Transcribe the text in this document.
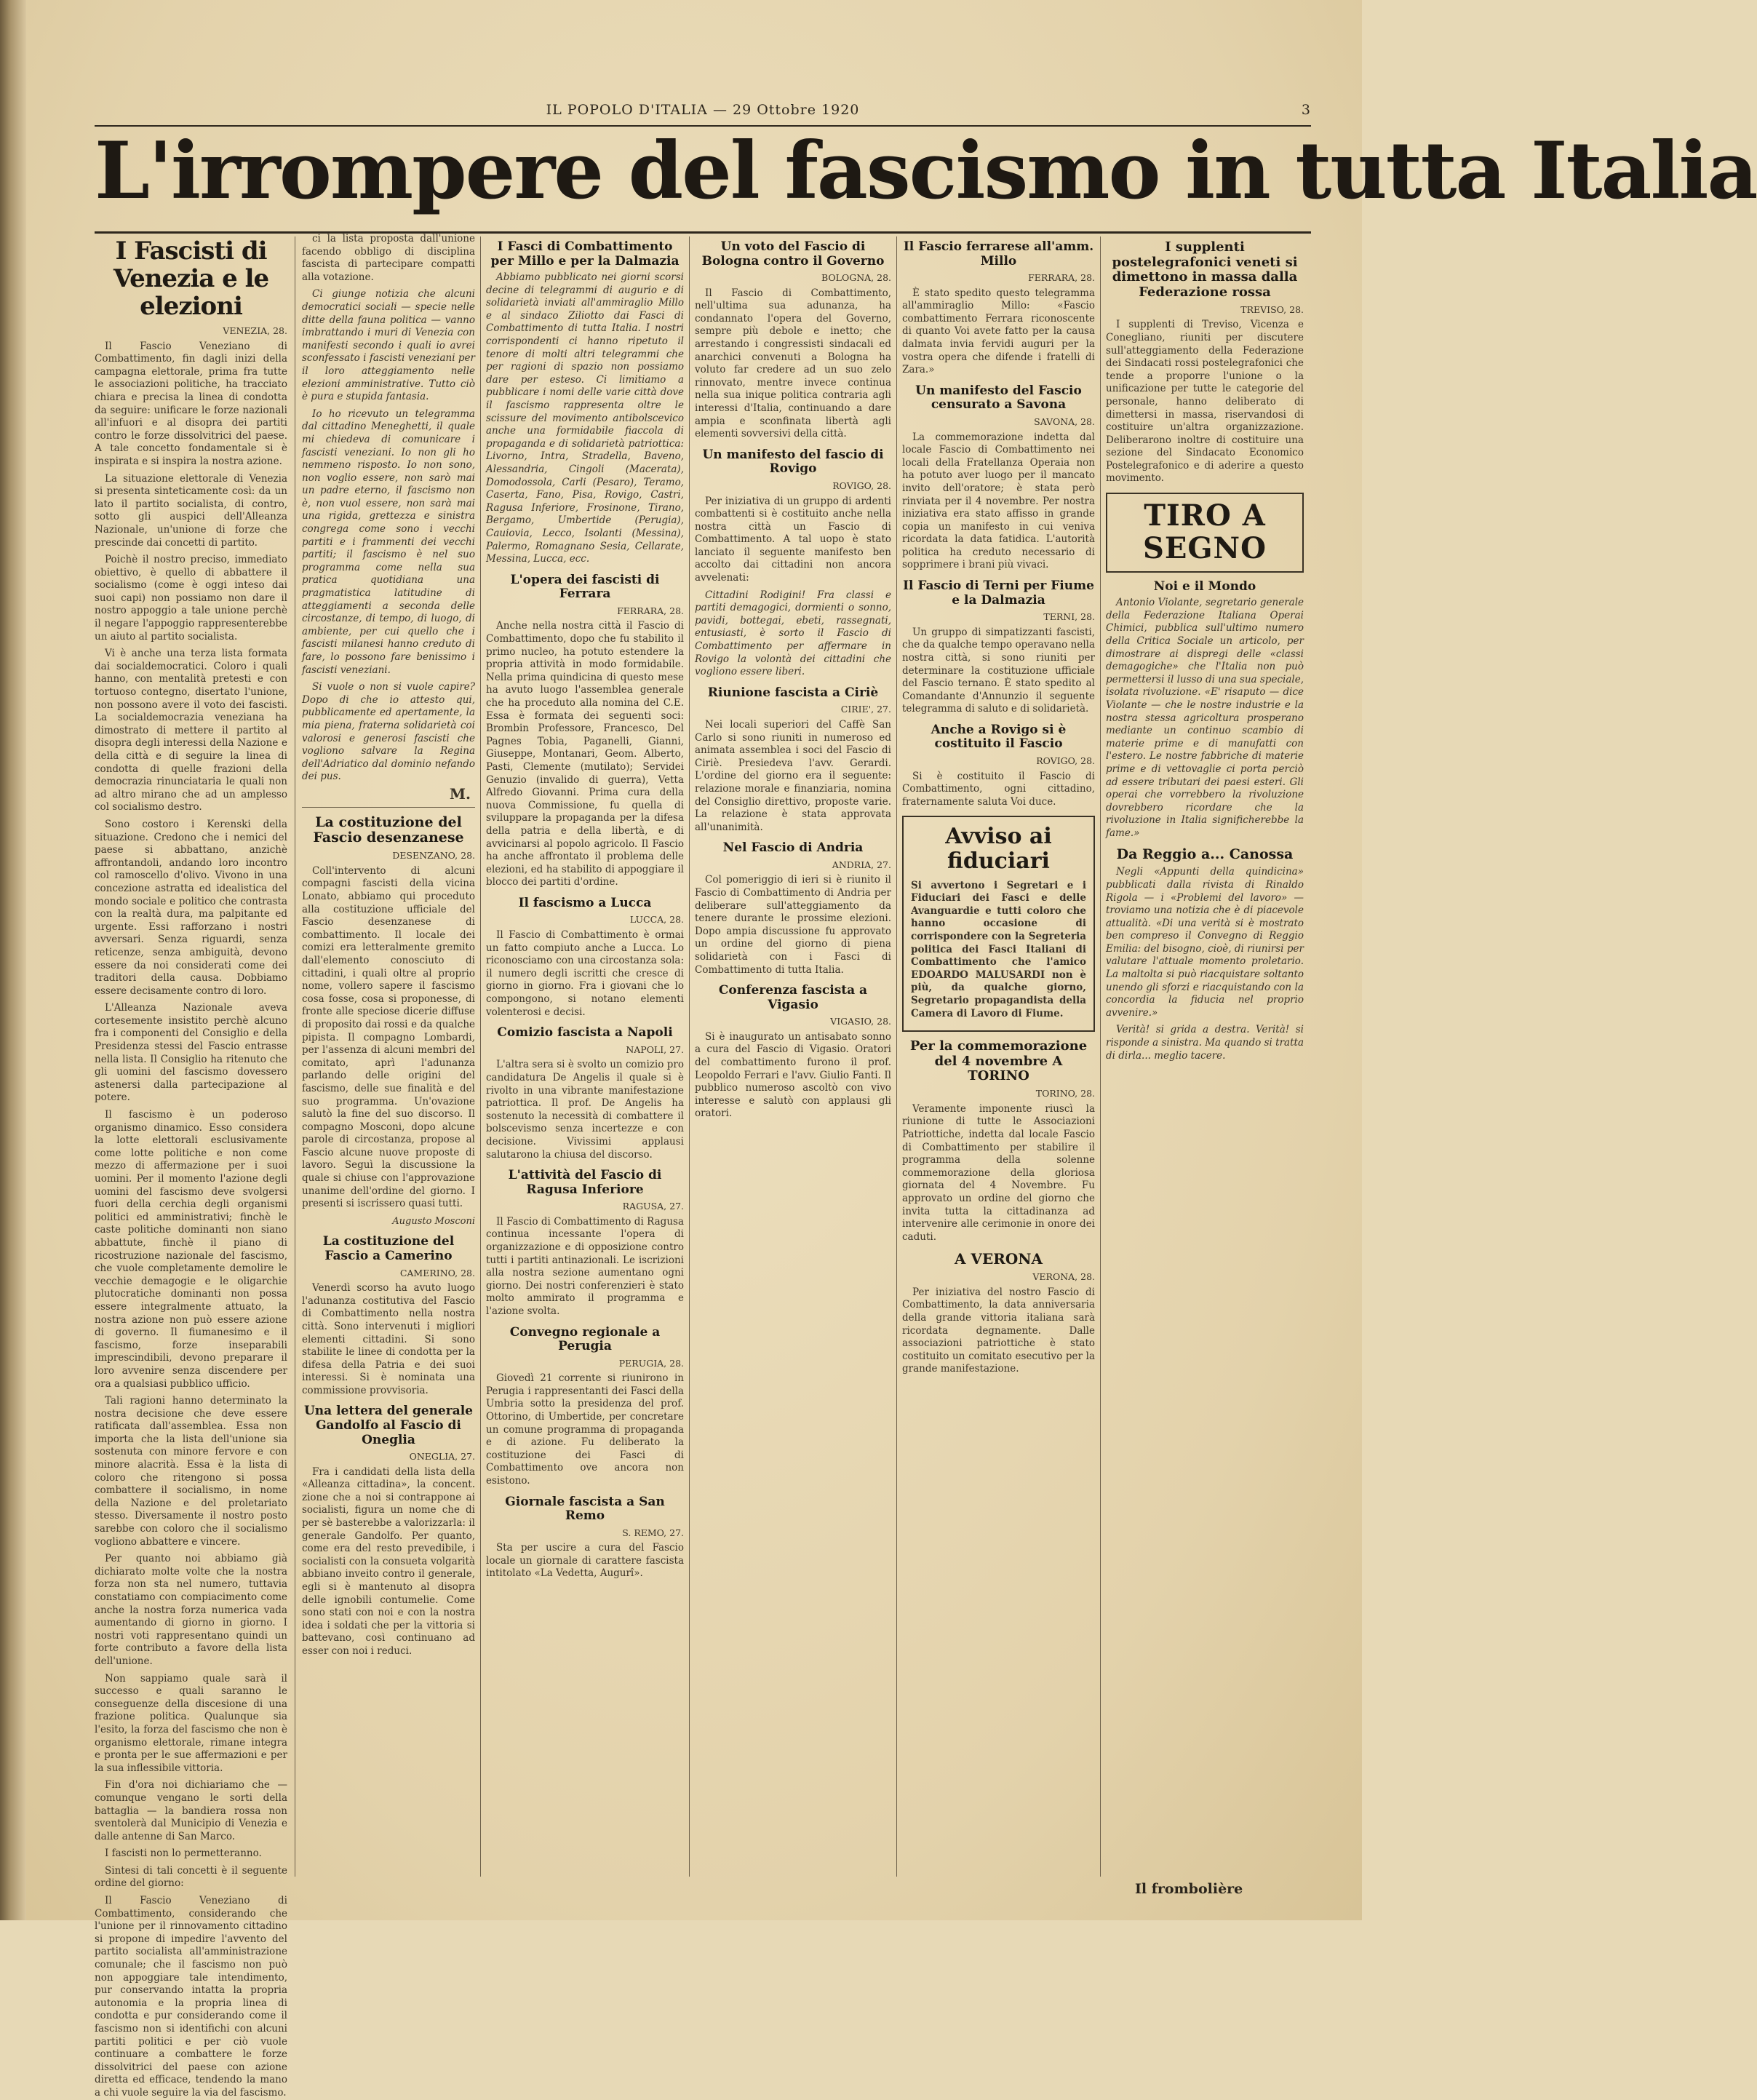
IL POPOLO D'ITALIA — 29 Ottobre 1920	3
L'irrompere del fascismo in tutta Italia
I Fascisti di Venezia e le elezioni
VENEZIA, 28.

Il Fascio Veneziano di Combattimento, fin dagli inizi della campagna elettorale, prima fra tutte le associazioni politiche, ha tracciato chiara e precisa la linea di condotta da seguire: unificare le forze nazionali all'infuori e al disopra dei partiti contro le forze dissolvitrici del paese. A tale concetto fondamentale si è inspirata e si inspira la nostra azione.

La situazione elettorale di Venezia si presenta sinteticamente così: da un lato il partito socialista, di contro, sotto gli auspici dell'Alleanza Nazionale, un'unione di forze che prescinde dai concetti di partito.

Poichè il nostro preciso, immediato obiettivo, è quello di abbattere il socialismo (come è oggi inteso dai suoi capi) non possiamo non dare il nostro appoggio a tale unione perchè il negare l'appoggio rappresenterebbe un aiuto al partito socialista.

Vi è anche una terza lista formata dai socialdemocratici. Coloro i quali hanno, con mentalità pretesti e con tortuoso contegno, disertato l'unione, non possono avere il voto dei fascisti. La socialdemocrazia veneziana ha dimostrato di mettere il partito al disopra degli interessi della Nazione e della città e di seguire la linea di condotta di quelle frazioni della democrazia rinunciataria le quali non ad altro mirano che ad un amplesso col socialismo destro.

Sono costoro i Kerenski della situazione. Credono che i nemici del paese si abbattano, anzichè affrontandoli, andando loro incontro col ramoscello d'olivo. Vivono in una concezione astratta ed idealistica del mondo sociale e politico che contrasta con la realtà dura, ma palpitante ed urgente. Essi rafforzano i nostri avversari. Senza riguardi, senza reticenze, senza ambiguità, devono essere da noi considerati come dei traditori della causa. Dobbiamo essere decisamente contro di loro.

L'Alleanza Nazionale aveva cortesemente insistito perchè alcuno fra i componenti del Consiglio e della Presidenza stessi del Fascio entrasse nella lista. Il Consiglio ha ritenuto che gli uomini del fascismo dovessero astenersi dalla partecipazione al potere.

Il fascismo è un poderoso organismo dinamico. Esso considera la lotte elettorali esclusivamente come lotte politiche e non come mezzo di affermazione per i suoi uomini. Per il momento l'azione degli uomini del fascismo deve svolgersi fuori della cerchia degli organismi politici ed amministrativi; finchè le caste politiche dominanti non siano abbattute, finchè il piano di ricostruzione nazionale del fascismo, che vuole completamente demolire le vecchie demagogie e le oligarchie plutocratiche dominanti non possa essere integralmente attuato, la nostra azione non può essere azione di governo. Il fiumanesimo e il fascismo, forze inseparabili imprescindibili, devono preparare il loro avvenire senza discendere per ora a qualsiasi pubblico ufficio.

Tali ragioni hanno determinato la nostra decisione che deve essere ratificata dall'assemblea. Essa non importa che la lista dell'unione sia sostenuta con minore fervore e con minore alacrità. Essa è la lista di coloro che ritengono si possa combattere il socialismo, in nome della Nazione e del proletariato stesso. Diversamente il nostro posto sarebbe con coloro che il socialismo vogliono abbattere e vincere.

Per quanto noi abbiamo già dichiarato molte volte che la nostra forza non sta nel numero, tuttavia constatiamo con compiacimento come anche la nostra forza numerica vada aumentando di giorno in giorno. I nostri voti rappresentano quindi un forte contributo a favore della lista dell'unione.

Non sappiamo quale sarà il successo e quali saranno le conseguenze della discesione di una frazione politica. Qualunque sia l'esito, la forza del fascismo che non è organismo elettorale, rimane integra e pronta per le sue affermazioni e per la sua inflessibile vittoria.

Fin d'ora noi dichiariamo che — comunque vengano le sorti della battaglia — la bandiera rossa non sventolerà dal Municipio di Venezia e dalle antenne di San Marco.

I fascisti non lo permetteranno.

Sintesi di tali concetti è il seguente ordine del giorno:

Il Fascio Veneziano di Combattimento, considerando che l'unione per il rinnovamento cittadino si propone di impedire l'avvento del partito socialista all'amministrazione comunale; che il fascismo non può non appoggiare tale intendimento, pur conservando intatta la propria autonomia e la propria linea di condotta e pur considerando come il fascismo non si identifichi con alcuni partiti politici e per ciò vuole continuare a combattere le forze dissolvitrici del paese con azione diretta ed efficace, tendendo la mano a chi vuole seguire la via del fascismo.

ci la lista proposta dall'unione facendo obbligo di disciplina fascista di partecipare compatti alla votazione.

Ci giunge notizia che alcuni democratici sociali — specie nelle ditte della fauna politica — vanno imbrattando i muri di Venezia con manifesti secondo i quali io avrei sconfessato i fascisti veneziani per il loro atteggiamento nelle elezioni amministrative. Tutto ciò è pura e stupida fantasia.

Io ho ricevuto un telegramma dal cittadino Meneghetti, il quale mi chiedeva di comunicare i fascisti veneziani. Io non gli ho nemmeno risposto. Io non sono, non voglio essere, non sarò mai un padre eterno, il fascismo non è, non vuol essere, non sarà mai una rigida, grettezza e sinistra congrega come sono i vecchi partiti e i frammenti dei vecchi partiti; il fascismo è nel suo programma come nella sua pratica quotidiana una pragmatistica latitudine di atteggiamenti a seconda delle circostanze, di tempo, di luogo, di ambiente, per cui quello che i fascisti milanesi hanno creduto di fare, lo possono fare benissimo i fascisti veneziani.

Si vuole o non si vuole capire? Dopo di che io attesto qui, pubblicamente ed apertamente, la mia piena, fraterna solidarietà coi valorosi e generosi fascisti che vogliono salvare la Regina dell'Adriatico dal dominio nefando dei pus.

M.
La costituzione del Fascio desenzanese
DESENZANO, 28.

Coll'intervento di alcuni compagni fascisti della vicina Lonato, abbiamo qui proceduto alla costituzione ufficiale del Fascio desenzanese di combattimento. Il locale dei comizi era letteralmente gremito dall'elemento conosciuto di cittadini, i quali oltre al proprio nome, vollero sapere il fascismo cosa fosse, cosa si proponesse, di fronte alle speciose dicerie diffuse di proposito dai rossi e da qualche pipista. Il compagno Lombardi, per l'assenza di alcuni membri del comitato, aprì l'adunanza parlando delle origini del fascismo, delle sue finalità e del suo programma. Un'ovazione salutò la fine del suo discorso. Il compagno Mosconi, dopo alcune parole di circostanza, propose al Fascio alcune nuove proposte di lavoro. Seguì la discussione la quale si chiuse con l'approvazione unanime dell'ordine del giorno. I presenti si iscrissero quasi tutti.

Augusto Mosconi
La costituzione del Fascio a Camerino
CAMERINO, 28.

Venerdì scorso ha avuto luogo l'adunanza costitutiva del Fascio di Combattimento nella nostra città. Sono intervenuti i migliori elementi cittadini. Si sono stabilite le linee di condotta per la difesa della Patria e dei suoi interessi. Si è nominata una commissione provvisoria.

Una lettera del generale Gandolfo al Fascio di Oneglia
ONEGLIA, 27.

Fra i candidati della lista della «Alleanza cittadina», la concent. zione che a noi si contrappone ai socialisti, figura un nome che di per sè basterebbe a valorizzarla: il generale Gandolfo. Per quanto, come era del resto prevedibile, i socialisti con la consueta volgarità abbiano inveito contro il generale, egli si è mantenuto al disopra delle ignobili contumelie. Come sono stati con noi e con la nostra idea i soldati che per la vittoria si battevano, così continuano ad esser con noi i reduci.

I Fasci di Combattimento per Millo e per la Dalmazia

Abbiamo pubblicato nei giorni scorsi decine di telegrammi di augurio e di solidarietà inviati all'ammiraglio Millo e al sindaco Ziliotto dai Fasci di Combattimento di tutta Italia. I nostri corrispondenti ci hanno ripetuto il tenore di molti altri telegrammi che per ragioni di spazio non possiamo dare per esteso. Ci limitiamo a pubblicare i nomi delle varie città dove il fascismo rappresenta oltre le scissure del movimento antibolscevico anche una formidabile fiaccola di propaganda e di solidarietà patriottica: Livorno, Intra, Stradella, Baveno, Alessandria, Cingoli (Macerata), Domodossola, Carli (Pesaro), Teramo, Caserta, Fano, Pisa, Rovigo, Castri, Ragusa Inferiore, Frosinone, Tirano, Bergamo, Umbertide (Perugia), Cauiovia, Lecco, Isolanti (Messina), Palermo, Romagnano Sesia, Cellarate, Messina, Lucca, ecc.

L'opera dei fascisti di Ferrara
FERRARA, 28.

Anche nella nostra città il Fascio di Combattimento, dopo che fu stabilito il primo nucleo, ha potuto estendere la propria attività in modo formidabile. Nella prima quindicina di questo mese ha avuto luogo l'assemblea generale che ha proceduto alla nomina del C.E. Essa è formata dei seguenti soci: Brombin Professore, Francesco, Del Pagnes Tobia, Paganelli, Gianni, Giuseppe, Montanari, Geom. Alberto, Pasti, Clemente (mutilato); Servidei Genuzio (invalido di guerra), Vetta Alfredo Giovanni. Prima cura della nuova Commissione, fu quella di sviluppare la propaganda per la difesa della patria e della libertà, e di avvicinarsi al popolo agricolo. Il Fascio ha anche affrontato il problema delle elezioni, ed ha stabilito di appoggiare il blocco dei partiti d'ordine.

Il fascismo a Lucca
LUCCA, 28.

Il Fascio di Combattimento è ormai un fatto compiuto anche a Lucca. Lo riconosciamo con una circostanza sola: il numero degli iscritti che cresce di giorno in giorno. Fra i giovani che lo compongono, si notano elementi volenterosi e decisi.

Comizio fascista a Napoli
NAPOLI, 27.

L'altra sera si è svolto un comizio pro candidatura De Angelis il quale si è rivolto in una vibrante manifestazione patriottica. Il prof. De Angelis ha sostenuto la necessità di combattere il bolscevismo senza incertezze e con decisione. Vivissimi applausi salutarono la chiusa del discorso.

L'attività del Fascio di Ragusa Inferiore
RAGUSA, 27.

Il Fascio di Combattimento di Ragusa continua incessante l'opera di organizzazione e di opposizione contro tutti i partiti antinazionali. Le iscrizioni alla nostra sezione aumentano ogni giorno. Dei nostri conferenzieri è stato molto ammirato il programma e l'azione svolta.

Convegno regionale a Perugia
PERUGIA, 28.

Giovedì 21 corrente si riunirono in Perugia i rappresentanti dei Fasci della Umbria sotto la presidenza del prof. Ottorino, di Umbertide, per concretare un comune programma di propaganda e di azione. Fu deliberato la costituzione dei Fasci di Combattimento ove ancora non esistono.

Giornale fascista a San Remo
S. REMO, 27.

Sta per uscire a cura del Fascio locale un giornale di carattere fascista intitolato «La Vedetta, Augurî».

Un voto del Fascio di Bologna contro il Governo
BOLOGNA, 28.

Il Fascio di Combattimento, nell'ultima sua adunanza, ha condannato l'opera del Governo, sempre più debole e inetto; che arrestando i congressisti sindacali ed anarchici convenuti a Bologna ha voluto far credere ad un suo zelo rinnovato, mentre invece continua nella sua inique politica contraria agli interessi d'Italia, continuando a dare ampia e sconfinata libertà agli elementi sovversivi della città.

Un manifesto del fascio di Rovigo
ROVIGO, 28.

Per iniziativa di un gruppo di ardenti combattenti si è costituito anche nella nostra città un Fascio di Combattimento. A tal uopo è stato lanciato il seguente manifesto ben accolto dai cittadini non ancora avvelenati:

Cittadini Rodigini! Fra classi e partiti demagogici, dormienti o sonno, pavidi, bottegai, ebeti, rassegnati, entusiasti, è sorto il Fascio di Combattimento per affermare in Rovigo la volontà dei cittadini che vogliono essere liberi.

Riunione fascista a Ciriè
CIRIE', 27.

Nei locali superiori del Caffè San Carlo si sono riuniti in numeroso ed animata assemblea i soci del Fascio di Ciriè. Presiedeva l'avv. Gerardi. L'ordine del giorno era il seguente: relazione morale e finanziaria, nomina del Consiglio direttivo, proposte varie. La relazione è stata approvata all'unanimità.

Nel Fascio di Andria
ANDRIA, 27.

Col pomeriggio di ieri si è riunito il Fascio di Combattimento di Andria per deliberare sull'atteggiamento da tenere durante le prossime elezioni. Dopo ampia discussione fu approvato un ordine del giorno di piena solidarietà con i Fasci di Combattimento di tutta Italia.

Conferenza fascista a Vigasio
VIGASIO, 28.

Si è inaugurato un antisabato sonno a cura del Fascio di Vigasio. Oratori del combattimento furono il prof. Leopoldo Ferrari e l'avv. Giulio Fanti. Il pubblico numeroso ascoltò con vivo interesse e salutò con applausi gli oratori.

Il Fascio ferrarese all'amm. Millo
FERRARA, 28.

È stato spedito questo telegramma all'ammiraglio Millo: «Fascio combattimento Ferrara riconoscente di quanto Voi avete fatto per la causa dalmata invia fervidi auguri per la vostra opera che difende i fratelli di Zara.»

Un manifesto del Fascio censurato a Savona
SAVONA, 28.

La commemorazione indetta dal locale Fascio di Combattimento nei locali della Fratellanza Operaia non ha potuto aver luogo per il mancato invito dell'oratore; è stata però rinviata per il 4 novembre. Per nostra iniziativa era stato affisso in grande copia un manifesto in cui veniva ricordata la data fatidica. L'autorità politica ha creduto necessario di sopprimere i brani più vivaci.

Il Fascio di Terni per Fiume e la Dalmazia
TERNI, 28.

Un gruppo di simpatizzanti fascisti, che da qualche tempo operavano nella nostra città, si sono riuniti per determinare la costituzione ufficiale del Fascio ternano. È stato spedito al Comandante d'Annunzio il seguente telegramma di saluto e di solidarietà.

Anche a Rovigo si è costituito il Fascio
ROVIGO, 28.

Si è costituito il Fascio di Combattimento, ogni cittadino, fraternamente saluta Voi duce.

Avviso ai fiduciari

Si avvertono i Segretari e i Fiduciari dei Fasci e delle Avanguardie e tutti coloro che hanno occasione di corrispondere con la Segreteria politica dei Fasci Italiani di Combattimento che l'amico EDOARDO MALUSARDI non è più, da qualche giorno, Segretario propagandista della Camera di Lavoro di Fiume.

Per la commemorazione del 4 novembre A TORINO
TORINO, 28.

Veramente imponente riuscì la riunione di tutte le Associazioni Patriottiche, indetta dal locale Fascio di Combattimento per stabilire il programma della solenne commemorazione della gloriosa giornata del 4 Novembre. Fu approvato un ordine del giorno che invita tutta la cittadinanza ad intervenire alle cerimonie in onore dei caduti.

A VERONA
VERONA, 28.

Per iniziativa del nostro Fascio di Combattimento, la data anniversaria della grande vittoria italiana sarà ricordata degnamente. Dalle associazioni patriottiche è stato costituito un comitato esecutivo per la grande manifestazione.

I supplenti postelegrafonici veneti si dimettono in massa dalla Federazione rossa
TREVISO, 28.

I supplenti di Treviso, Vicenza e Conegliano, riuniti per discutere sull'atteggiamento della Federazione dei Sindacati rossi postelegrafonici che tende a proporre l'unione o la unificazione per tutte le categorie del personale, hanno deliberato di dimettersi in massa, riservandosi di costituire un'altra organizzazione. Deliberarono inoltre di costituire una sezione del Sindacato Economico Postelegrafonico e di aderire a questo movimento.

TIRO A SEGNO
Noi e il Mondo

Antonio Violante, segretario generale della Federazione Italiana Operai Chimici, pubblica sull'ultimo numero della Critica Sociale un articolo, per dimostrare ai dispregi delle «classi demagogiche» che l'Italia non può permettersi il lusso di una sua speciale, isolata rivoluzione. «E' risaputo — dice Violante — che le nostre industrie e la nostra stessa agricoltura prosperano mediante un continuo scambio di materie prime e di manufatti con l'estero. Le nostre fabbriche di materie prime e di vettovaglie ci porta perciò ad essere tributari dei paesi esteri. Gli operai che vorrebbero la rivoluzione dovrebbero ricordare che la rivoluzione in Italia significherebbe la fame.»

Da Reggio a... Canossa

Negli «Appunti della quindicina» pubblicati dalla rivista di Rinaldo Rigola — i «Problemi del lavoro» — troviamo una notizia che è di piacevole attualità. «Di una verità si è mostrato ben compreso il Convegno di Reggio Emilia: del bisogno, cioè, di riunirsi per valutare l'attuale momento proletario. La maltolta si può riacquistare soltanto unendo gli sforzi e riacquistando con la concordia la fiducia nel proprio avvenire.»

Verità! si grida a destra. Verità! si risponde a sinistra. Ma quando si tratta di dirla... meglio tacere.

Il frombolière
